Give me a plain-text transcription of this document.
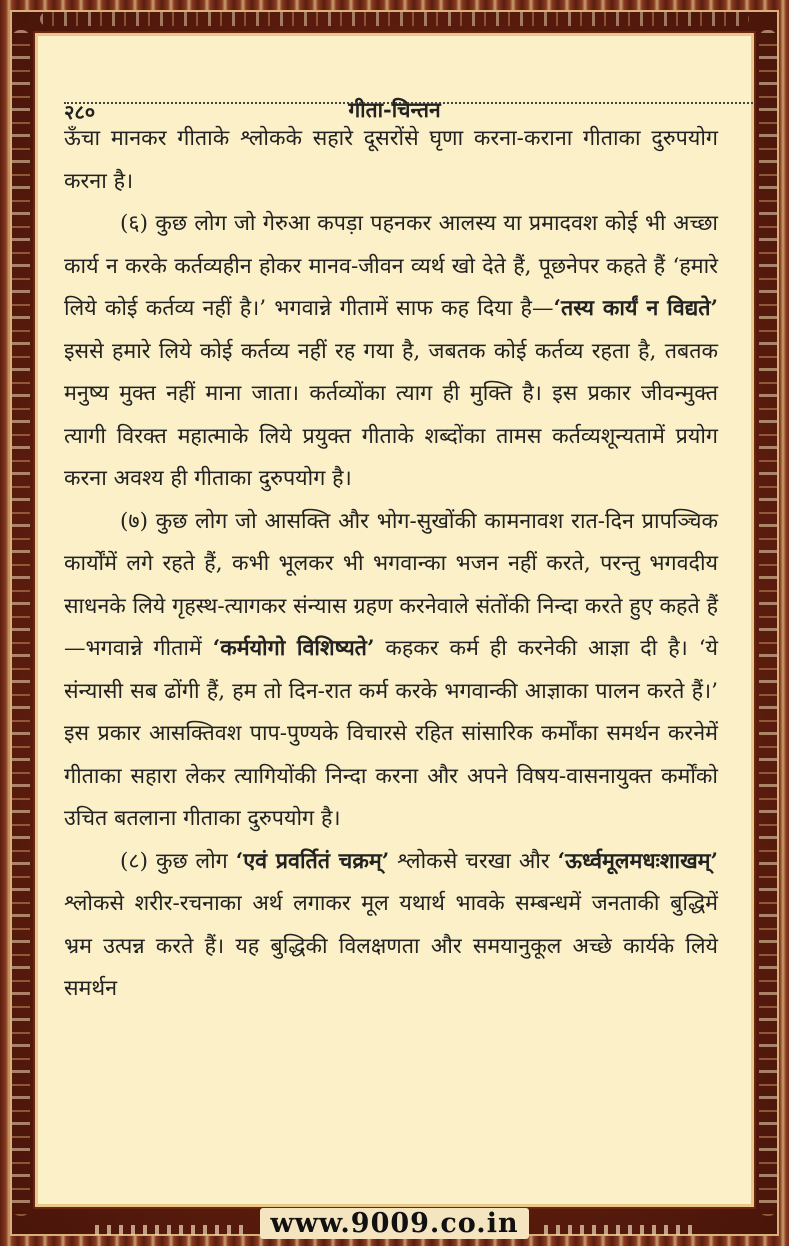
२८०	गीता-चिन्तन

ऊँचा मानकर गीताके श्लोकके सहारे दूसरोंसे घृणा करना-कराना गीताका दुरुपयोग करना है।

(६) कुछ लोग जो गेरुआ कपड़ा पहनकर आलस्य या प्रमादवश कोई भी अच्छा कार्य न करके कर्तव्यहीन होकर मानव-जीवन व्यर्थ खो देते हैं, पूछनेपर कहते हैं ‘हमारे लिये कोई कर्तव्य नहीं है।’ भगवान्ने गीतामें साफ कह दिया है—‘तस्य कार्यं न विद्यते’ इससे हमारे लिये कोई कर्तव्य नहीं रह गया है, जबतक कोई कर्तव्य रहता है, तबतक मनुष्य मुक्त नहीं माना जाता। कर्तव्योंका त्याग ही मुक्ति है। इस प्रकार जीवन्मुक्त त्यागी विरक्त महात्माके लिये प्रयुक्त गीताके शब्दोंका तामस कर्तव्यशून्यतामें प्रयोग करना अवश्य ही गीताका दुरुपयोग है।

(७) कुछ लोग जो आसक्ति और भोग-सुखोंकी कामनावश रात-दिन प्रापञ्चिक कार्योंमें लगे रहते हैं, कभी भूलकर भी भगवान्का भजन नहीं करते, परन्तु भगवदीय साधनके लिये गृहस्थ-त्यागकर संन्यास ग्रहण करनेवाले संतोंकी निन्दा करते हुए कहते हैं—भगवान्ने गीतामें ‘कर्मयोगो विशिष्यते’ कहकर कर्म ही करनेकी आज्ञा दी है। ‘ये संन्यासी सब ढोंगी हैं, हम तो दिन-रात कर्म करके भगवान्की आज्ञाका पालन करते हैं।’ इस प्रकार आसक्तिवश पाप-पुण्यके विचारसे रहित सांसारिक कर्मोंका समर्थन करनेमें गीताका सहारा लेकर त्यागियोंकी निन्दा करना और अपने विषय-वासनायुक्त कर्मोंको उचित बतलाना गीताका दुरुपयोग है।

(८) कुछ लोग ‘एवं प्रवर्तितं चक्रम्’ श्लोकसे चरखा और ‘ऊर्ध्वमूलमधःशाखम्’ श्लोकसे शरीर-रचनाका अर्थ लगाकर मूल यथार्थ भावके सम्बन्धमें जनताकी बुद्धिमें भ्रम उत्पन्न करते हैं। यह बुद्धिकी विलक्षणता और समयानुकूल अच्छे कार्यके लिये समर्थन

www.9009.co.in
